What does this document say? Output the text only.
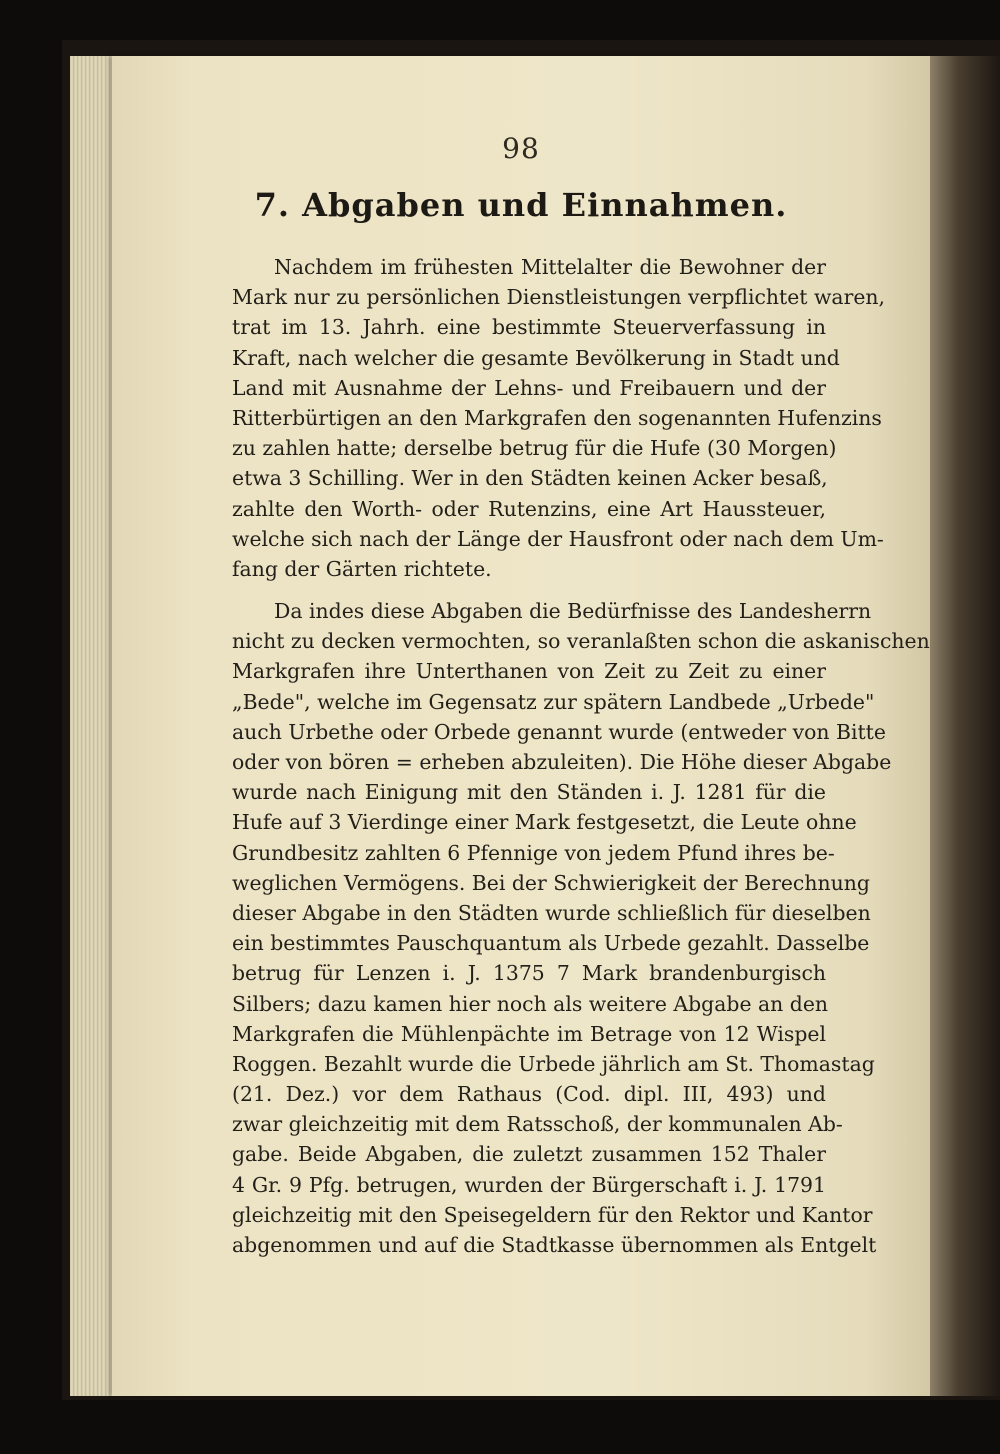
98
7. Abgaben und Einnahmen.
Nachdem im frühesten Mittelalter die Bewohner der
Mark nur zu persönlichen Dienstleistungen verpflichtet waren,
trat im 13. Jahrh. eine bestimmte Steuerverfassung in
Kraft, nach welcher die gesamte Bevölkerung in Stadt und
Land mit Ausnahme der Lehns- und Freibauern und der
Ritterbürtigen an den Markgrafen den sogenannten Hufenzins
zu zahlen hatte; derselbe betrug für die Hufe (30 Morgen)
etwa 3 Schilling. Wer in den Städten keinen Acker besaß,
zahlte den Worth- oder Rutenzins, eine Art Haussteuer,
welche sich nach der Länge der Hausfront oder nach dem Um-
fang der Gärten richtete.
Da indes diese Abgaben die Bedürfnisse des Landesherrn
nicht zu decken vermochten, so veranlaßten schon die askanischen
Markgrafen ihre Unterthanen von Zeit zu Zeit zu einer
„Bede", welche im Gegensatz zur spätern Landbede „Urbede"
auch Urbethe oder Orbede genannt wurde (entweder von Bitte
oder von bören = erheben abzuleiten). Die Höhe dieser Abgabe
wurde nach Einigung mit den Ständen i. J. 1281 für die
Hufe auf 3 Vierdinge einer Mark festgesetzt, die Leute ohne
Grundbesitz zahlten 6 Pfennige von jedem Pfund ihres be-
weglichen Vermögens. Bei der Schwierigkeit der Berechnung
dieser Abgabe in den Städten wurde schließlich für dieselben
ein bestimmtes Pauschquantum als Urbede gezahlt. Dasselbe
betrug für Lenzen i. J. 1375 7 Mark brandenburgisch
Silbers; dazu kamen hier noch als weitere Abgabe an den
Markgrafen die Mühlenpächte im Betrage von 12 Wispel
Roggen. Bezahlt wurde die Urbede jährlich am St. Thomastag
(21. Dez.) vor dem Rathaus (Cod. dipl. III, 493) und
zwar gleichzeitig mit dem Ratsschoß, der kommunalen Ab-
gabe. Beide Abgaben, die zuletzt zusammen 152 Thaler
4 Gr. 9 Pfg. betrugen, wurden der Bürgerschaft i. J. 1791
gleichzeitig mit den Speisegeldern für den Rektor und Kantor
abgenommen und auf die Stadtkasse übernommen als Entgelt
